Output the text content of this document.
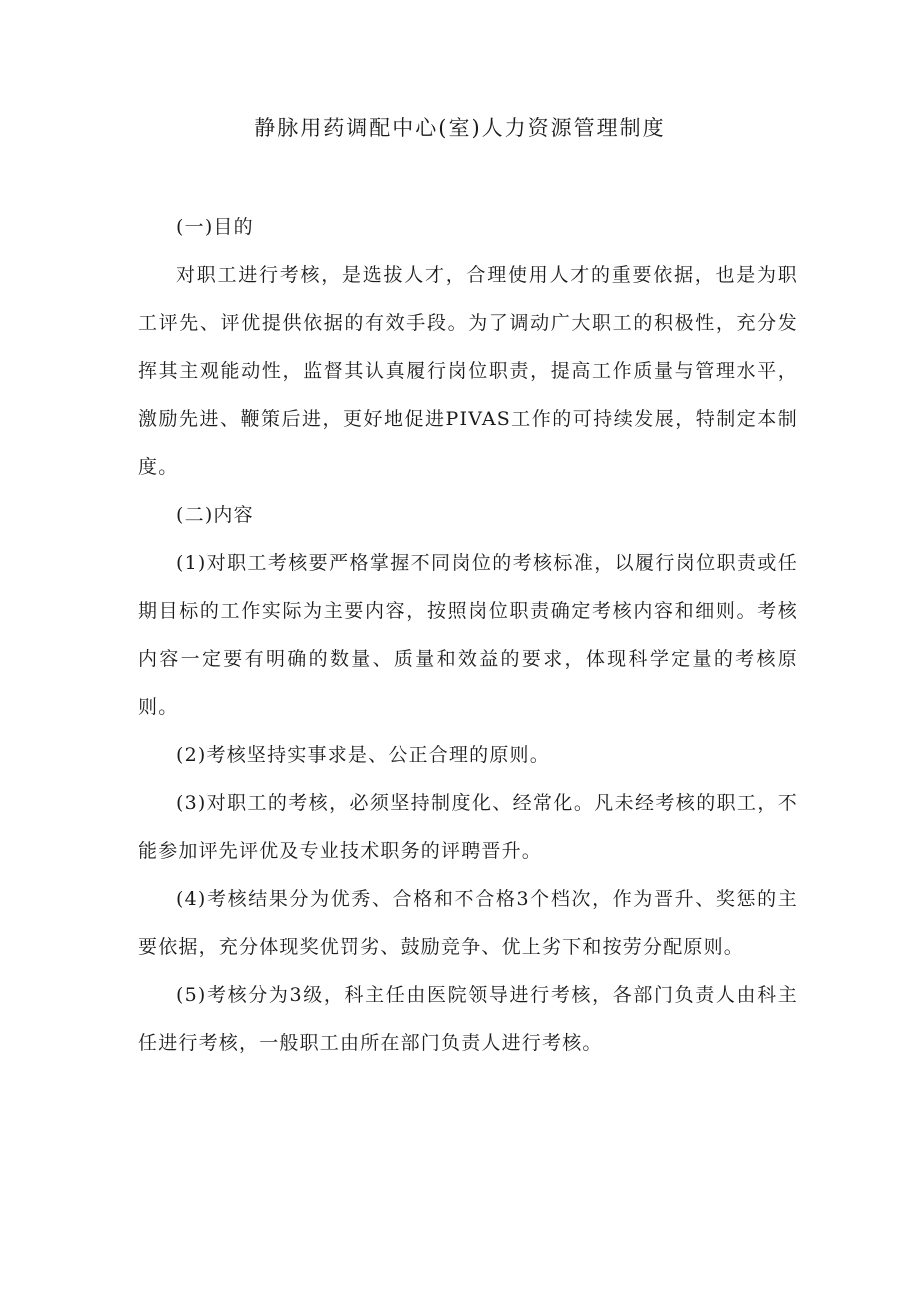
静脉用药调配中心(室)人力资源管理制度

(一)目的

对职工进行考核，是选拔人才，合理使用人才的重要依据，也是为职工评先、评优提供依据的有效手段。为了调动广大职工的积极性，充分发挥其主观能动性，监督其认真履行岗位职责，提高工作质量与管理水平，激励先进、鞭策后进，更好地促进PIVAS工作的可持续发展，特制定本制度。

(二)内容

(1)对职工考核要严格掌握不同岗位的考核标准，以履行岗位职责或任期目标的工作实际为主要内容，按照岗位职责确定考核内容和细则。考核内容一定要有明确的数量、质量和效益的要求，体现科学定量的考核原则。

(2)考核坚持实事求是、公正合理的原则。

(3)对职工的考核，必须坚持制度化、经常化。凡未经考核的职工，不能参加评先评优及专业技术职务的评聘晋升。

(4)考核结果分为优秀、合格和不合格3个档次，作为晋升、奖惩的主要依据，充分体现奖优罚劣、鼓励竞争、优上劣下和按劳分配原则。

(5)考核分为3级，科主任由医院领导进行考核，各部门负责人由科主任进行考核，一般职工由所在部门负责人进行考核。
